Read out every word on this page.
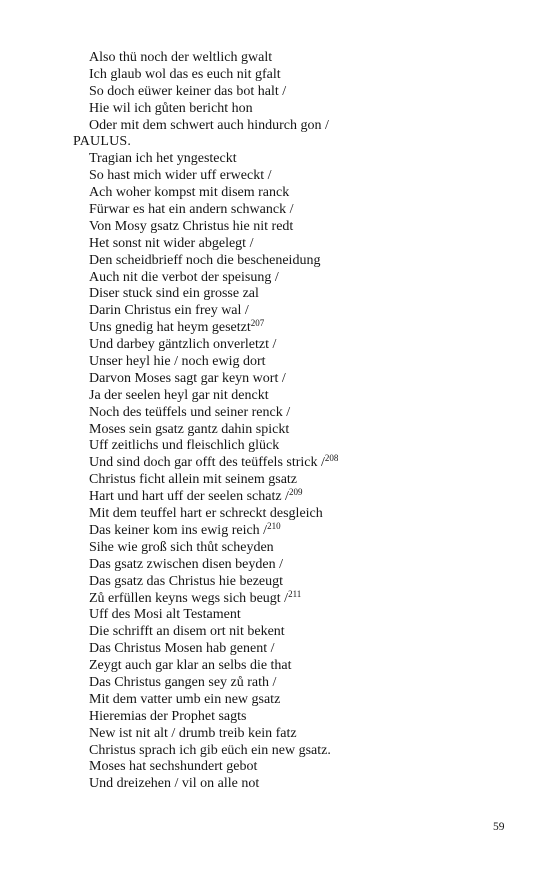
Also thü noch der weltlich gwalt
Ich glaub wol das es euch nit gfalt
So doch eüwer keiner das bot halt /
Hie wil ich gůten bericht hon
Oder mit dem schwert auch hindurch gon /
PAULUS.
Tragian ich het yngesteckt
So hast mich wider uff erweckt /
Ach woher kompst mit disem ranck
Fürwar es hat ein andern schwanck /
Von Mosy gsatz Christus hie nit redt
Het sonst nit wider abgelegt /
Den scheidbrieff noch die bescheneidung
Auch nit die verbot der speisung /
Diser stuck sind ein grosse zal
Darin Christus ein frey wal /
Uns gnedig hat heym gesetzt$^{207}$
Und darbey gäntzlich onverletzt /
Unser heyl hie / noch ewig dort
Darvon Moses sagt gar keyn wort /
Ja der seelen heyl gar nit denckt
Noch des teüffels und seiner renck /
Moses sein gsatz gantz dahin spickt
Uff zeitlichs und fleischlich glück
Und sind doch gar offt des teüffels strick /$^{208}$
Christus ficht allein mit seinem gsatz
Hart und hart uff der seelen schatz /$^{209}$
Mit dem teuffel hart er schreckt desgleich
Das keiner kom ins ewig reich /$^{210}$
Sihe wie groß sich thůt scheyden
Das gsatz zwischen disen beyden /
Das gsatz das Christus hie bezeugt
Zů erfüllen keyns wegs sich beugt /$^{211}$
Uff des Mosi alt Testament
Die schrifft an disem ort nit bekent
Das Christus Mosen hab genent /
Zeygt auch gar klar an selbs die that
Das Christus gangen sey zů rath /
Mit dem vatter umb ein new gsatz
Hieremias der Prophet sagts
New ist nit alt / drumb treib kein fatz
Christus sprach ich gib eüch ein new gsatz.
Moses hat sechshundert gebot
Und dreizehen / vil on alle not
59
